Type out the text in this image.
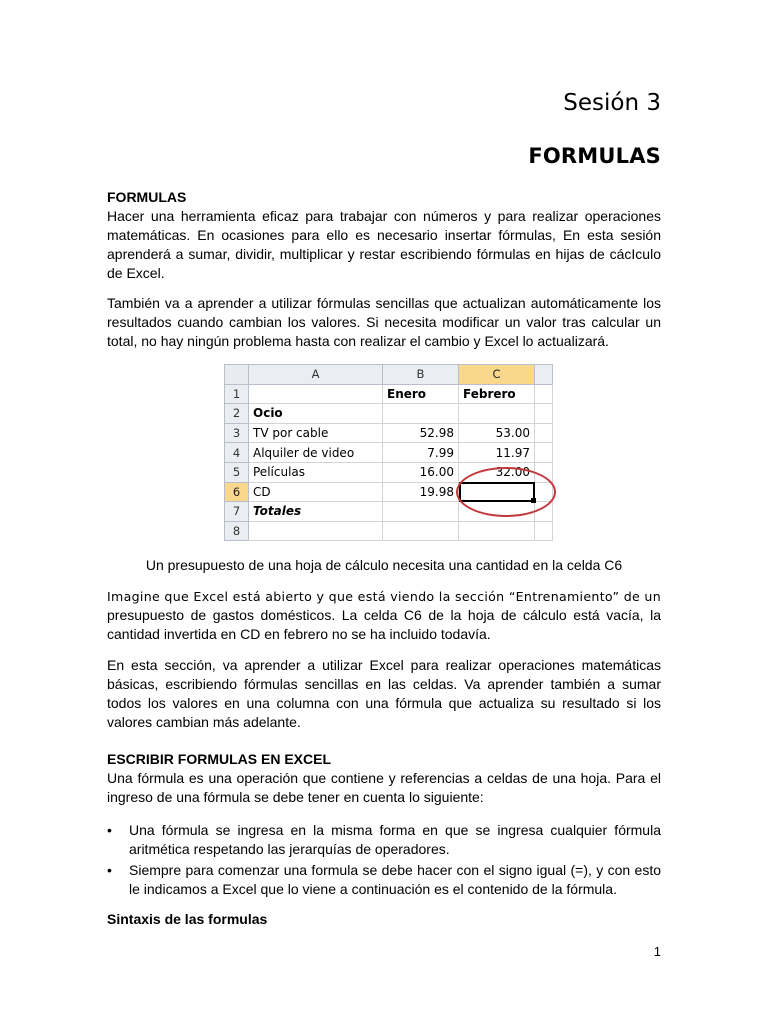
Sesión 3
FORMULAS
FORMULAS

Hacer una herramienta eficaz para trabajar con números y para realizar operaciones matemáticas. En ocasiones para ello es necesario insertar fórmulas, En esta sesión aprenderá a sumar, dividir, multiplicar y restar escribiendo fórmulas en hijas de cácIculo de Excel.

También va a aprender a utilizar fórmulas sencillas que actualizan automáticamente los resultados cuando cambian los valores. Si necesita modificar un valor tras calcular un total, no hay ningún problema hasta con realizar el cambio y Excel lo actualizará.

	A	B	C	
1		Enero	Febrero	
2	Ocio			
3	TV por cable	52.98	53.00	
4	Alquiler de video	7.99	11.97	
5	Películas	16.00	32.00	
6	CD	19.98		
7	Totales			
8				

Un presupuesto de una hoja de cálculo necesita una cantidad en la celda C6

Imagine que Excel está abierto y que está viendo la sección “Entrenamiento” de un presupuesto de gastos domésticos. La celda C6 de la hoja de cálculo está vacía, la cantidad invertida en CD en febrero no se ha incluido todavía.

En esta sección, va aprender a utilizar Excel para realizar operaciones matemáticas básicas, escribiendo fórmulas sencillas en las celdas. Va aprender también a sumar todos los valores en una columna con una fórmula que actualiza su resultado si los valores cambian más adelante.

ESCRIBIR FORMULAS EN EXCEL

Una fórmula es una operación que contiene y referencias a celdas de una hoja. Para el ingreso de una fórmula se debe tener en cuenta lo siguiente:

• Una fórmula se ingresa en la misma forma en que se ingresa cualquier fórmula aritmética respetando las jerarquías de operadores.
• Siempre para comenzar una formula se debe hacer con el signo igual (=), y con esto le indicamos a Excel que lo viene a continuación es el contenido de la fórmula.
Sintaxis de las formulas
1
